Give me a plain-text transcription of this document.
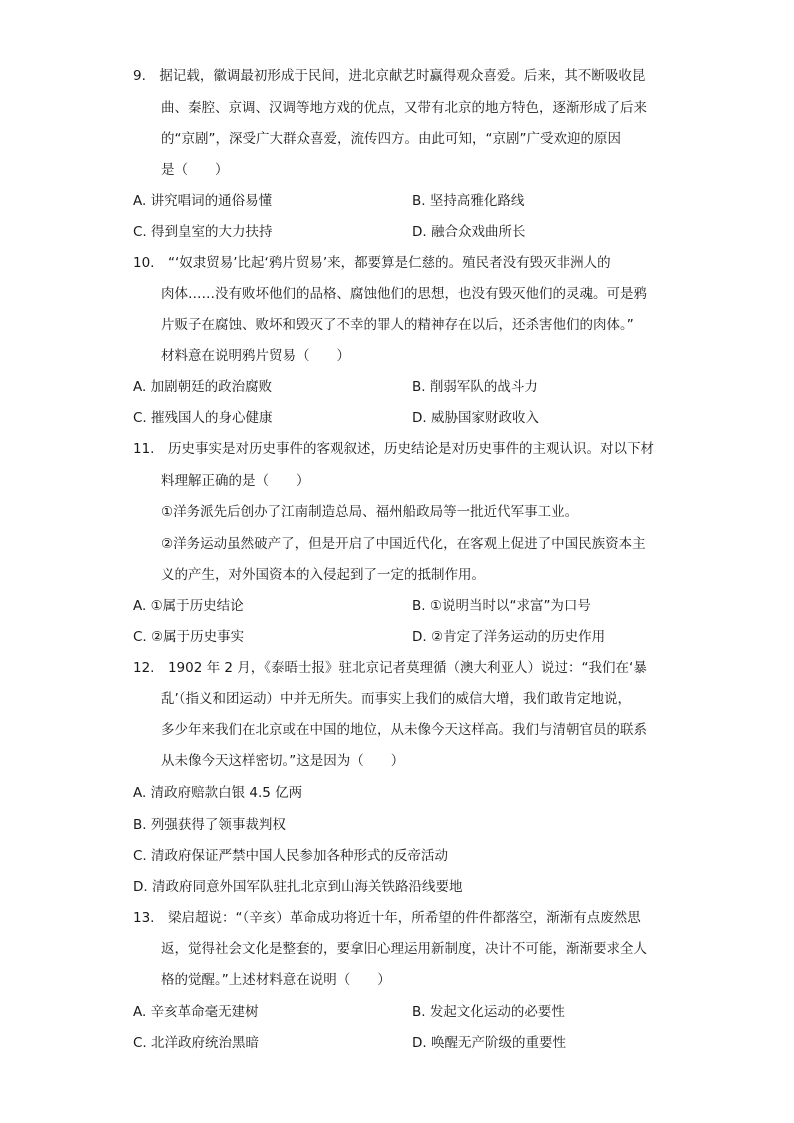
9.　据记载，徽调最初形成于民间，进北京献艺时赢得观众喜爱。后来，其不断吸收昆
曲、秦腔、京调、汉调等地方戏的优点，又带有北京的地方特色，逐渐形成了后来
的“京剧”，深受广大群众喜爱，流传四方。由此可知，“京剧”广受欢迎的原因
是（　　）
A. 讲究唱词的通俗易懂	B. 坚持高雅化路线
C. 得到皇室的大力扶持	D. 融合众戏曲所长
10.　“‘奴隶贸易’比起‘鸦片贸易’来，都要算是仁慈的。殖民者没有毁灭非洲人的
肉体……没有败坏他们的品格、腐蚀他们的思想，也没有毁灭他们的灵魂。可是鸦
片贩子在腐蚀、败坏和毁灭了不幸的罪人的精神存在以后，还杀害他们的肉体。”
材料意在说明鸦片贸易（　　）
A. 加剧朝廷的政治腐败	B. 削弱军队的战斗力
C. 摧残国人的身心健康	D. 威胁国家财政收入
11.　历史事实是对历史事件的客观叙述，历史结论是对历史事件的主观认识。对以下材
料理解正确的是（　　）
①洋务派先后创办了江南制造总局、福州船政局等一批近代军事工业。
②洋务运动虽然破产了，但是开启了中国近代化，在客观上促进了中国民族资本主
义的产生，对外国资本的入侵起到了一定的抵制作用。
A. ①属于历史结论	B. ①说明当时以“求富”为口号
C. ②属于历史事实	D. ②肯定了洋务运动的历史作用
12.　1902 年 2 月，《泰晤士报》驻北京记者莫理循（澳大利亚人）说过：“我们在‘暴
乱’（指义和团运动）中并无所失。而事实上我们的威信大增，我们敢肯定地说，
多少年来我们在北京或在中国的地位，从未像今天这样高。我们与清朝官员的联系
从未像今天这样密切。”这是因为（　　）
A. 清政府赔款白银 4.5 亿两
B. 列强获得了领事裁判权
C. 清政府保证严禁中国人民参加各种形式的反帝活动
D. 清政府同意外国军队驻扎北京到山海关铁路沿线要地
13.　梁启超说：“（辛亥）革命成功将近十年，所希望的件件都落空，渐渐有点废然思
返，觉得社会文化是整套的，要拿旧心理运用新制度，决计不可能，渐渐要求全人
格的觉醒。”上述材料意在说明（　　）
A. 辛亥革命毫无建树	B. 发起文化运动的必要性
C. 北洋政府统治黑暗	D. 唤醒无产阶级的重要性
